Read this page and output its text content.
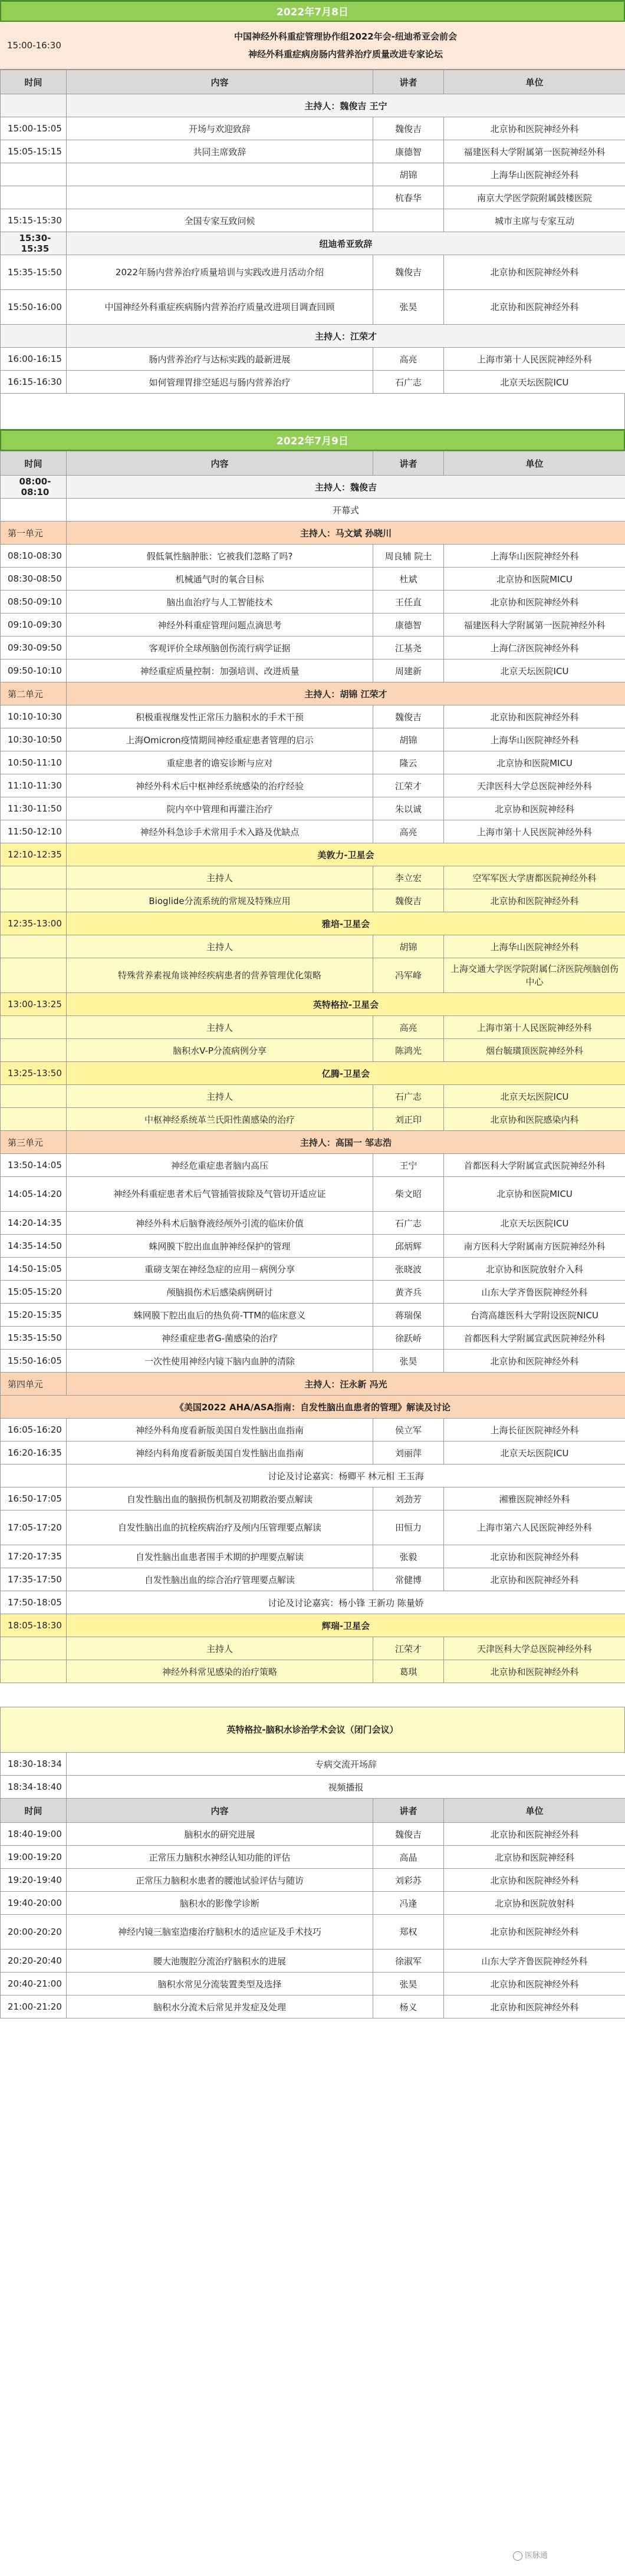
2022年7月8日
15:00-16:30
中国神经外科重症管理协作组2022年会-纽迪希亚会前会
神经外科重症病房肠内营养治疗质量改进专家论坛
时间	内容	讲者	单位
	主持人：魏俊吉 王宁		
15:00-15:05	开场与欢迎致辞	魏俊吉	北京协和医院神经外科
15:05-15:15	共同主席致辞	康德智	福建医科大学附属第一医院神经外科
		胡锦	上海华山医院神经外科
		杭春华	南京大学医学院附属鼓楼医院
15:15-15:30	全国专家互致问候		城市主席与专家互动
15:30-15:35	纽迪希亚致辞		
15:35-15:50	2022年肠内营养治疗质量培训与实践改进月活动介绍	魏俊吉	北京协和医院神经外科
15:50-16:00	中国神经外科重症疾病肠内营养治疗质量改进项目调查回顾	张昊	北京协和医院神经外科
	主持人：江荣才		
16:00-16:15	肠内营养治疗与达标实践的最新进展	高亮	上海市第十人民医院神经外科
16:15-16:30	如何管理胃排空延迟与肠内营养治疗	石广志	北京天坛医院ICU
2022年7月9日
时间	内容	讲者	单位
08:00-08:10	主持人：魏俊吉		
	开幕式		
第一单元	主持人：马文斌 孙晓川		
08:10-08:30	假低氧性脑肿胀：它被我们忽略了吗?	周良辅 院士	上海华山医院神经外科
08:30-08:50	机械通气时的氧合目标	杜斌	北京协和医院MICU
08:50-09:10	脑出血治疗与人工智能技术	王任直	北京协和医院神经外科
09:10-09:30	神经外科重症管理问题点滴思考	康德智	福建医科大学附属第一医院神经外科
09:30-09:50	客观评价全球颅脑创伤流行病学证据	江基尧	上海仁济医院神经外科
09:50-10:10	神经重症质量控制：加强培训、改进质量	周建新	北京天坛医院ICU
第二单元	主持人：胡锦 江荣才		
10:10-10:30	积极重视继发性正常压力脑积水的手术干预	魏俊吉	北京协和医院神经外科
10:30-10:50	上海Omicron疫情期间神经重症患者管理的启示	胡锦	上海华山医院神经外科
10:50-11:10	重症患者的谵妄诊断与应对	隆云	北京协和医院MICU
11:10-11:30	神经外科术后中枢神经系统感染的治疗经验	江荣才	天津医科大学总医院神经外科
11:30-11:50	院内卒中管理和再灌注治疗	朱以诚	北京协和医院神经科
11:50-12:10	神经外科急诊手术常用手术入路及优缺点	高亮	上海市第十人民医院神经外科
12:10-12:35	美敦力-卫星会		
	主持人	李立宏	空军军医大学唐都医院神经外科
	Bioglide分流系统的常规及特殊应用	魏俊吉	北京协和医院神经外科
12:35-13:00	雅培-卫星会		
	主持人	胡锦	上海华山医院神经外科
	特殊营养素视角谈神经疾病患者的营养管理优化策略	冯军峰	上海交通大学医学院附属仁济医院颅脑创伤中心
13:00-13:25	英特格拉-卫星会		
	主持人	高亮	上海市第十人民医院神经外科
	脑积水V-P分流病例分享	陈鸿光	烟台毓璜顶医院神经外科
13:25-13:50	亿腾-卫星会		
	主持人	石广志	北京天坛医院ICU
	中枢神经系统革兰氏阳性菌感染的治疗	刘正印	北京协和医院感染内科
第三单元	主持人：高国一 邹志浩		
13:50-14:05	神经危重症患者脑内高压	王宁	首都医科大学附属宣武医院神经外科
14:05-14:20	神经外科重症患者术后气管插管拔除及气管切开适应证	柴文昭	北京协和医院MICU
14:20-14:35	神经外科术后脑脊液经颅外引流的临床价值	石广志	北京天坛医院ICU
14:35-14:50	蛛网膜下腔出血血肿神经保护的管理	邱炳辉	南方医科大学附属南方医院神经外科
14:50-15:05	重磅支架在神经急症的应用－病例分享	张晓波	北京协和医院放射介入科
15:05-15:20	颅脑损伤术后感染病例研讨	黄齐兵	山东大学齐鲁医院神经外科
15:20-15:35	蛛网膜下腔出血后的热负荷-TTM的临床意义	蒋瑞保	台湾高雄医科大学附设医院NICU
15:35-15:50	神经重症患者G-菌感染的治疗	徐跃峤	首都医科大学附属宣武医院神经外科
15:50-16:05	一次性使用神经内镜下脑内血肿的清除	张昊	北京协和医院神经外科
第四单元	主持人：汪永新 冯光		
《美国2022 AHA/ASA指南：自发性脑出血患者的管理》解读及讨论			
16:05-16:20	神经外科角度看新版美国自发性脑出血指南	侯立军	上海长征医院神经外科
16:20-16:35	神经内科角度看新版美国自发性脑出血指南	刘丽萍	北京天坛医院ICU
	讨论及讨论嘉宾：杨卿平 林元相 王玉海		
16:50-17:05	自发性脑出血的脑损伤机制及初期救治要点解读	刘劲芳	湘雅医院神经外科
17:05-17:20	自发性脑出血的抗栓疾病治疗及颅内压管理要点解读	田恒力	上海市第六人民医院神经外科
17:20-17:35	自发性脑出血患者围手术期的护理要点解读	张毅	北京协和医院神经外科
17:35-17:50	自发性脑出血的综合治疗管理要点解读	常健博	北京协和医院神经外科
17:50-18:05	讨论及讨论嘉宾：杨小锋 王新功 陈量娇		
18:05-18:30	辉瑞-卫星会		
	主持人	江荣才	天津医科大学总医院神经外科
	神经外科常见感染的治疗策略	葛琪	北京协和医院神经外科
英特格拉-脑积水诊治学术会议（闭门会议）
18:30-18:34	专病交流开场辞		
18:34-18:40	视频播报		
时间	内容	讲者	单位
18:40-19:00	脑积水的研究进展	魏俊吉	北京协和医院神经外科
19:00-19:20	正常压力脑积水神经认知功能的评估	高晶	北京协和医院神经科
19:20-19:40	正常压力脑积水患者的腰池试验评估与随访	刘彩苏	北京协和医院神经外科
19:40-20:00	脑积水的影像学诊断	冯逢	北京协和医院放射科
20:00-20:20	神经内镜三脑室造瘘治疗脑积水的适应证及手术技巧	郑权	北京协和医院神经外科
20:20-20:40	腰大池腹腔分流治疗脑积水的进展	徐淑军	山东大学齐鲁医院神经外科
20:40-21:00	脑积水常见分流装置类型及选择	张昊	北京协和医院神经外科
21:00-21:20	脑积水分流术后常见并发症及处理	杨义	北京协和医院神经外科
医脉通
